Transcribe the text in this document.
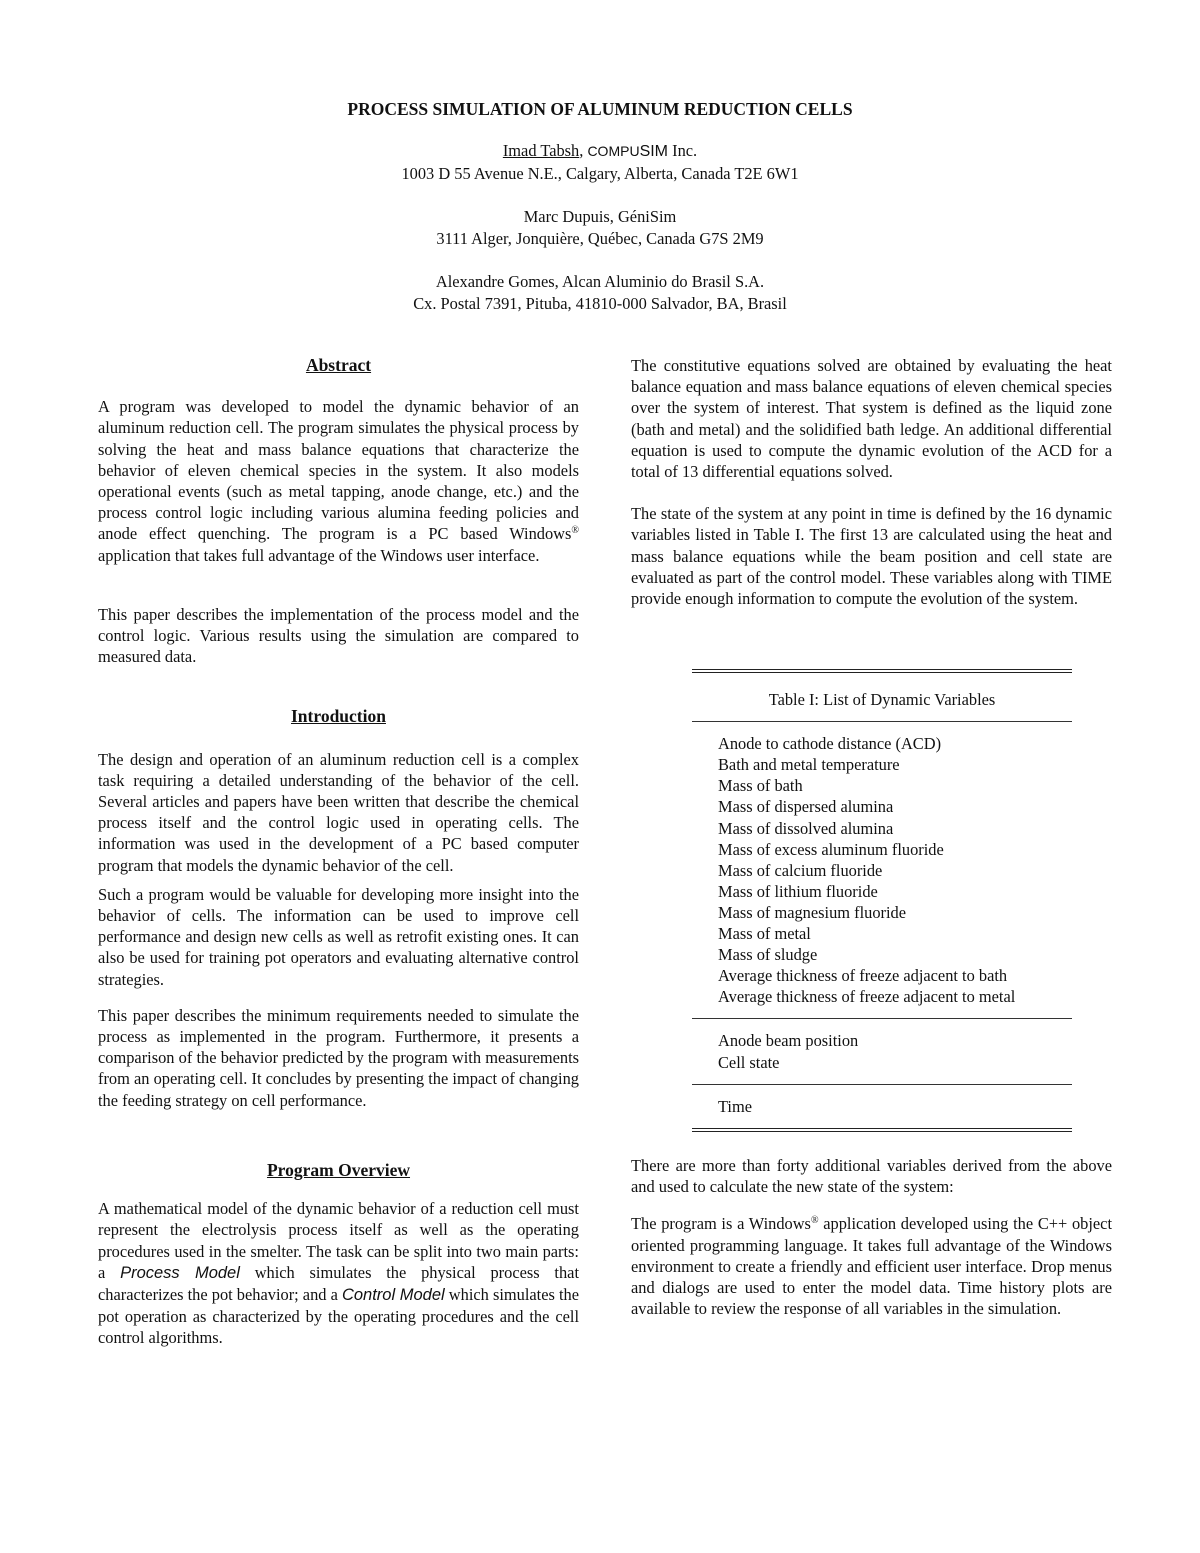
PROCESS SIMULATION OF ALUMINUM REDUCTION CELLS
Imad Tabsh, COMPUSIM Inc.
1003 D 55 Avenue N.E., Calgary, Alberta, Canada T2E 6W1
Marc Dupuis, GéniSim
3111 Alger, Jonquière, Québec, Canada G7S 2M9
Alexandre Gomes, Alcan Aluminio do Brasil S.A.
Cx. Postal 7391, Pituba, 41810-000 Salvador, BA, Brasil
Abstract

A program was developed to model the dynamic behavior of an aluminum reduction cell. The program simulates the physical process by solving the heat and mass balance equations that characterize the behavior of eleven chemical species in the system. It also models operational events (such as metal tapping, anode change, etc.) and the process control logic including various alumina feeding policies and anode effect quenching. The program is a PC based Windows® application that takes full advantage of the Windows user interface.

This paper describes the implementation of the process model and the control logic. Various results using the simulation are compared to measured data.

Introduction

The design and operation of an aluminum reduction cell is a complex task requiring a detailed understanding of the behavior of the cell. Several articles and papers have been written that describe the chemical process itself and the control logic used in operating cells. The information was used in the development of a PC based computer program that models the dynamic behavior of the cell.

Such a program would be valuable for developing more insight into the behavior of cells. The information can be used to improve cell performance and design new cells as well as retrofit existing ones. It can also be used for training pot operators and evaluating alternative control strategies.

This paper describes the minimum requirements needed to simulate the process as implemented in the program. Furthermore, it presents a comparison of the behavior predicted by the program with measurements from an operating cell. It concludes by presenting the impact of changing the feeding strategy on cell performance.

Program Overview

A mathematical model of the dynamic behavior of a reduction cell must represent the electrolysis process itself as well as the operating procedures used in the smelter. The task can be split into two main parts: a Process Model which simulates the physical process that characterizes the pot behavior; and a Control Model which simulates the pot operation as characterized by the operating procedures and the cell control algorithms.

The constitutive equations solved are obtained by evaluating the heat balance equation and mass balance equations of eleven chemical species over the system of interest. That system is defined as the liquid zone (bath and metal) and the solidified bath ledge. An additional differential equation is used to compute the dynamic evolution of the ACD for a total of 13 differential equations solved.

The state of the system at any point in time is defined by the 16 dynamic variables listed in Table I. The first 13 are calculated using the heat and mass balance equations while the beam position and cell state are evaluated as part of the control model. These variables along with TIME provide enough information to compute the evolution of the system.

Table I: List of Dynamic Variables
Anode to cathode distance (ACD)
Bath and metal temperature
Mass of bath
Mass of dispersed alumina
Mass of dissolved alumina
Mass of excess aluminum fluoride
Mass of calcium fluoride
Mass of lithium fluoride
Mass of magnesium fluoride
Mass of metal
Mass of sludge
Average thickness of freeze adjacent to bath
Average thickness of freeze adjacent to metal
Anode beam position
Cell state
Time

There are more than forty additional variables derived from the above and used to calculate the new state of the system:

The program is a Windows® application developed using the C++ object oriented programming language. It takes full advantage of the Windows environment to create a friendly and efficient user interface. Drop menus and dialogs are used to enter the model data. Time history plots are available to review the response of all variables in the simulation.
